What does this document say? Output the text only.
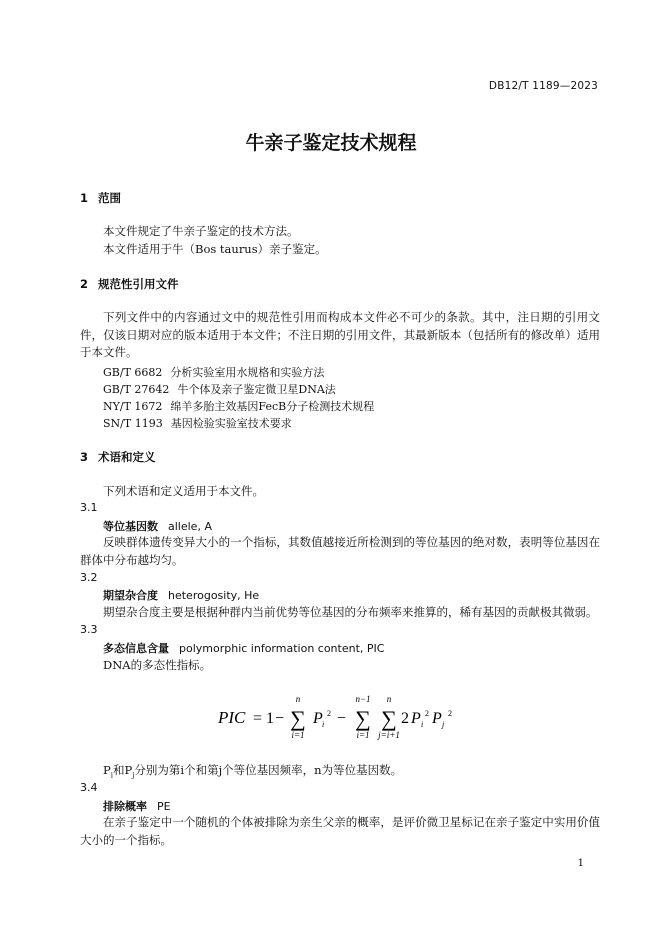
DB12/T 1189—2023
牛亲子鉴定技术规程
1 范围
本文件规定了牛亲子鉴定的技术方法。
本文件适用于牛（Bos taurus）亲子鉴定。
2 规范性引用文件
下列文件中的内容通过文中的规范性引用而构成本文件必不可少的条款。其中，注日期的引用文件，仅该日期对应的版本适用于本文件；不注日期的引用文件，其最新版本（包括所有的修改单）适用于本文件。
GB/T 6682 分析实验室用水规格和实验方法
GB/T 27642 牛个体及亲子鉴定微卫星DNA法
NY/T 1672 绵羊多胎主效基因FecB分子检测技术规程
SN/T 1193 基因检验实验室技术要求
3 术语和定义
下列术语和定义适用于本文件。
3.1
等位基因数 allele, A
反映群体遗传变异大小的一个指标，其数值越接近所检测到的等位基因的绝对数，表明等位基因在群体中分布越均匀。
3.2
期望杂合度 heterogosity, He
期望杂合度主要是根据种群内当前优势等位基因的分布频率来推算的，稀有基因的贡献极其微弱。
3.3
多态信息含量 polymorphic information content, PIC
DNA的多态性指标。
PIC = 1 −
n
∑
i=1
P i
2 −
n−1
∑
i=1
n
∑
j=i+1
2 P i
2 P j
2
$P_i$和$P_j$分别为第i个和第j个等位基因频率，n为等位基因数。
3.4
排除概率 PE
在亲子鉴定中一个随机的个体被排除为亲生父亲的概率，是评价微卫星标记在亲子鉴定中实用价值大小的一个指标。
1
